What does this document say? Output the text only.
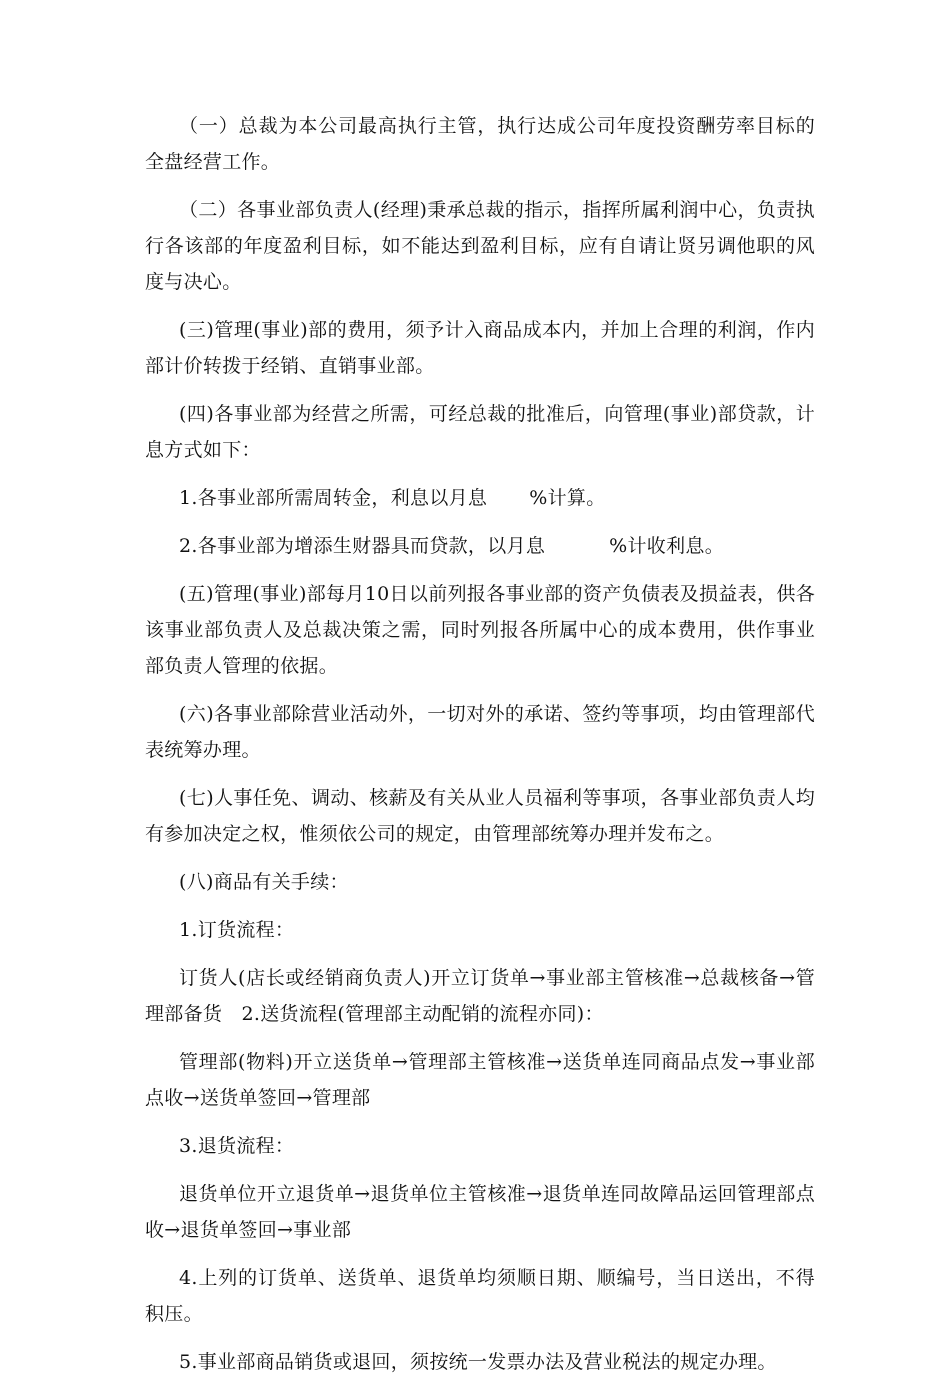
（一）总裁为本公司最高执行主管，执行达成公司年度投资酬劳率目标的全盘经营工作。

（二）各事业部负责人(经理)秉承总裁的指示，指挥所属利润中心，负责执行各该部的年度盈利目标，如不能达到盈利目标，应有自请让贤另调他职的风度与决心。

(三)管理(事业)部的费用，须予计入商品成本内，并加上合理的利润，作内部计价转拨于经销、直销事业部。

(四)各事业部为经营之所需，可经总裁的批准后，向管理(事业)部贷款，计息方式如下：

1.各事业部所需周转金，利息以月息 %计算。

2.各事业部为增添生财器具而贷款，以月息	%计收利息。

(五)管理(事业)部每月10日以前列报各事业部的资产负债表及损益表，供各该事业部负责人及总裁决策之需，同时列报各所属中心的成本费用，供作事业部负责人管理的依据。

(六)各事业部除营业活动外，一切对外的承诺、签约等事项，均由管理部代表统筹办理。

(七)人事任免、调动、核薪及有关从业人员福利等事项，各事业部负责人均有参加决定之权，惟须依公司的规定，由管理部统筹办理并发布之。

(八)商品有关手续：

1.订货流程：

订货人(店长或经销商负责人)开立订货单→事业部主管核准→总裁核备→管理部备货　2.送货流程(管理部主动配销的流程亦同)：

管理部(物料)开立送货单→管理部主管核准→送货单连同商品点发→事业部点收→送货单签回→管理部

3.退货流程：

退货单位开立退货单→退货单位主管核准→退货单连同故障品运回管理部点收→退货单签回→事业部

4.上列的订货单、送货单、退货单均须顺日期、顺编号，当日送出，不得积压。

5.事业部商品销货或退回，须按统一发票办法及营业税法的规定办理。
